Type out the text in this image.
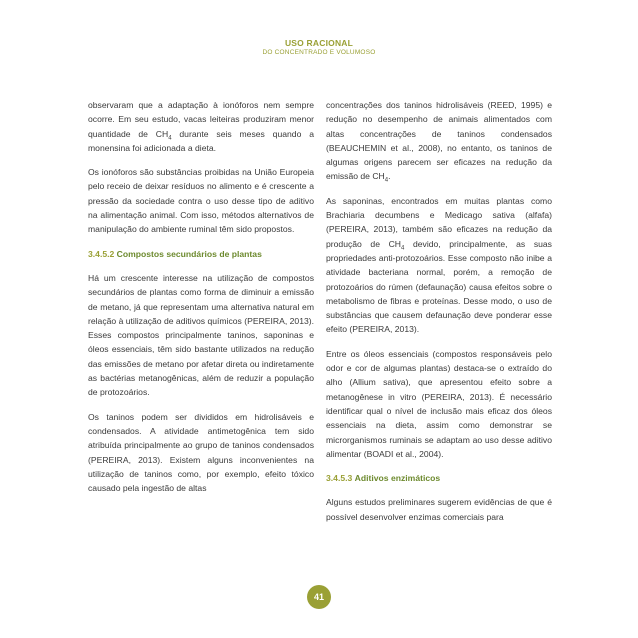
USO RACIONAL
DO CONCENTRADO E VOLUMOSO

observaram que a adaptação à ionóforos nem sempre ocorre. Em seu estudo, vacas leiteiras produziram menor quantidade de $CH_4$ durante seis meses quando a monensina foi adicionada a dieta.

Os ionóforos são substâncias proibidas na União Europeia pelo receio de deixar resíduos no alimento e é crescente a pressão da sociedade contra o uso desse tipo de aditivo na alimentação animal. Com isso, métodos alternativos de manipulação do ambiente ruminal têm sido propostos.

3.4.5.2 Compostos secundários de plantas

Há um crescente interesse na utilização de compostos secundários de plantas como forma de diminuir a emissão de metano, já que representam uma alternativa natural em relação à utilização de aditivos químicos (PEREIRA, 2013). Esses compostos principalmente taninos, saponinas e óleos essenciais, têm sido bastante utilizados na redução das emissões de metano por afetar direta ou indiretamente as bactérias metanogênicas, além de reduzir a população de protozoários.

Os taninos podem ser divididos em hidrolisáveis e condensados. A atividade antimetogênica tem sido atribuída principalmente ao grupo de taninos condensados (PEREIRA, 2013). Existem alguns inconvenientes na utilização de taninos como, por exemplo, efeito tóxico causado pela ingestão de altas

concentrações dos taninos hidrolisáveis (REED, 1995) e redução no desempenho de animais alimentados com altas concentrações de taninos condensados (BEAUCHEMIN et al., 2008), no entanto, os taninos de algumas origens parecem ser eficazes na redução da emissão de $CH_4$.

As saponinas, encontrados em muitas plantas como Brachiaria decumbens e Medicago sativa (alfafa) (PEREIRA, 2013), também são eficazes na redução da produção de $CH_4$ devido, principalmente, as suas propriedades anti-protozoários. Esse composto não inibe a atividade bacteriana normal, porém, a remoção de protozoários do rúmen (defaunação) causa efeitos sobre o metabolismo de fibras e proteínas. Desse modo, o uso de substâncias que causem defaunação deve ponderar esse efeito (PEREIRA, 2013).

Entre os óleos essenciais (compostos responsáveis pelo odor e cor de algumas plantas) destaca-se o extraído do alho (Allium sativa), que apresentou efeito sobre a metanogênese in vitro (PEREIRA, 2013). É necessário identificar qual o nível de inclusão mais eficaz dos óleos essenciais na dieta, assim como demonstrar se microrganismos ruminais se adaptam ao uso desse aditivo alimentar (BOADI et al., 2004).

3.4.5.3 Aditivos enzimáticos

Alguns estudos preliminares sugerem evidências de que é possível desenvolver enzimas comerciais para

41
